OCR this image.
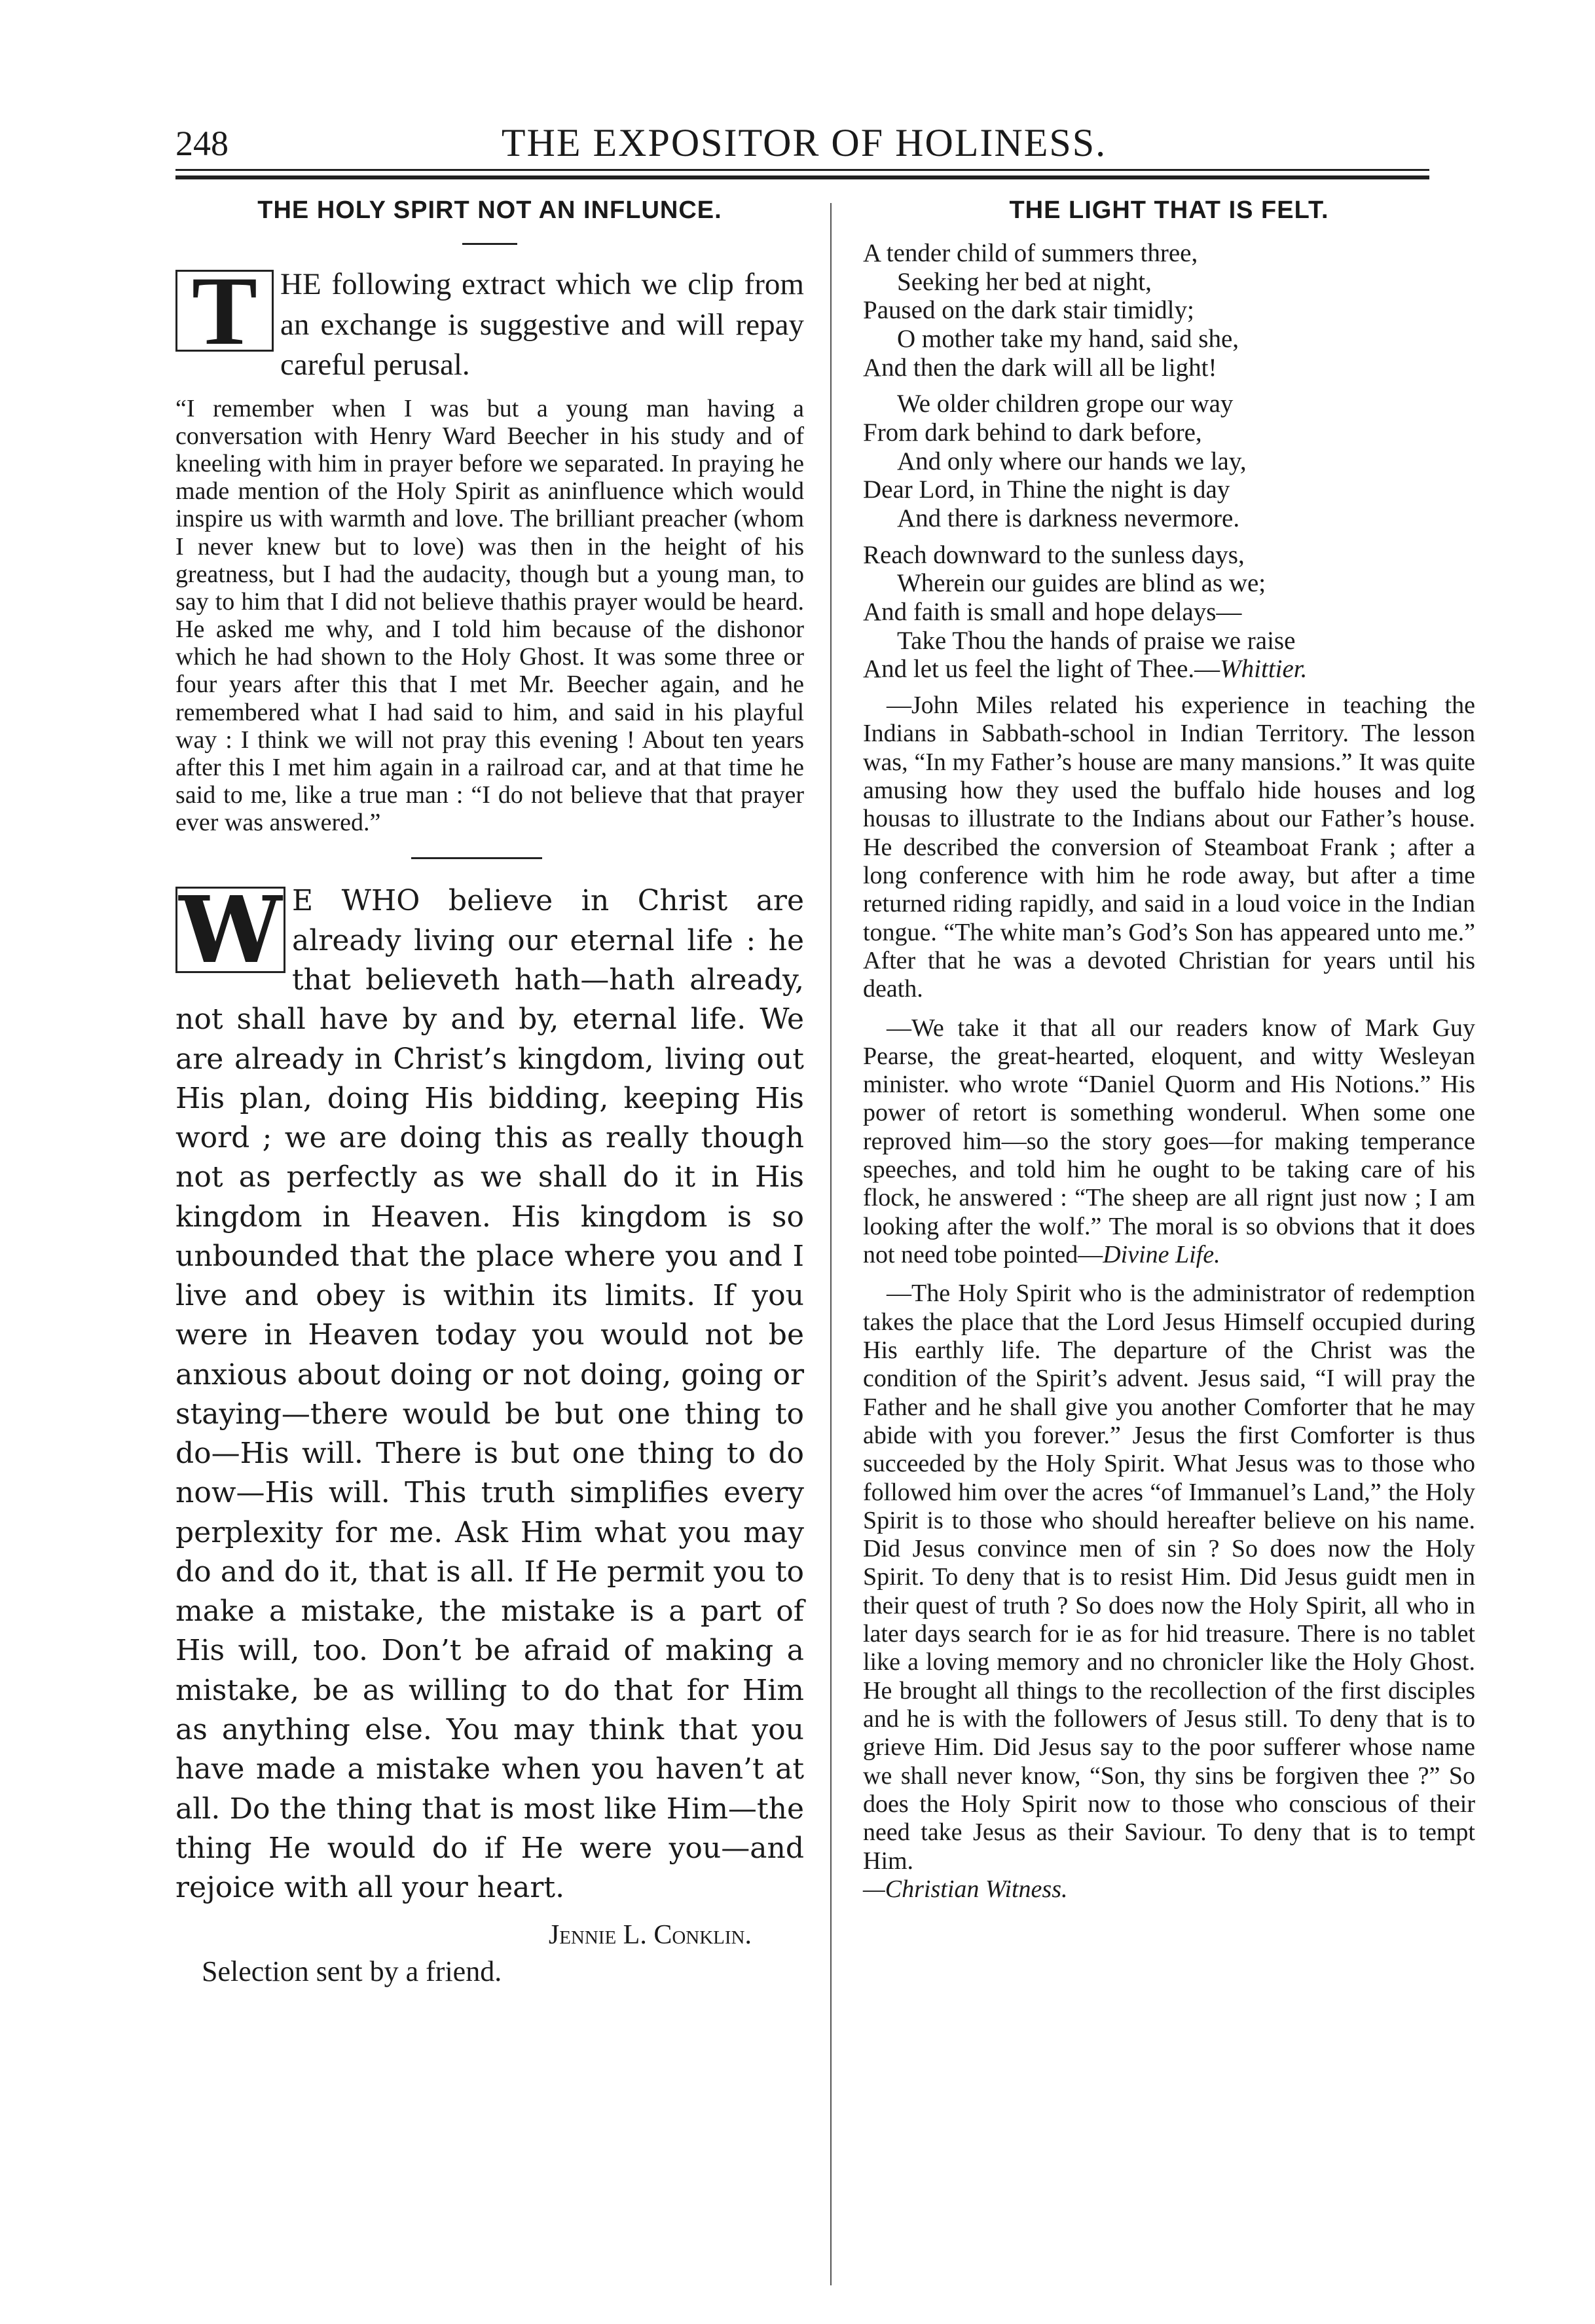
248	THE EXPOSITOR OF HOLINESS.
THE HOLY SPIRT NOT AN INFLUNCE.

T HE following extract which we clip from an exchange is suggestive and will repay careful perusal.

“I remember when I was but a young man having a conversation with Henry Ward Beecher in his study and of kneeling with him in prayer before we separated. In praying he made mention of the Holy Spirit as aninfluence which would inspire us with warmth and love. The brilliant preacher (whom I never knew but to love) was then in the height of his greatness, but I had the audacity, though but a young man, to say to him that I did not believe thathis prayer would be heard. He asked me why, and I told him because of the dishonor which he had shown to the Holy Ghost. It was some three or four years after this that I met Mr. Beecher again, and he remembered what I had said to him, and said in his playful way : I think we will not pray this evening ! About ten years after this I met him again in a railroad car, and at that time he said to me, like a true man : “I do not believe that that prayer ever was answered.”

W E WHO believe in Christ are already living our eternal life : he that believeth hath—hath already, not shall have by and by, eternal life. We are already in Christ’s kingdom, living out His plan, doing His bidding, keeping His word ; we are doing this as really though not as perfectly as we shall do it in His kingdom in Heaven. His kingdom is so unbounded that the place where you and I live and obey is within its limits. If you were in Heaven today you would not be anxious about doing or not doing, going or staying—there would be but one thing to do—His will. There is but one thing to do now—His will. This truth simplifies every perplexity for me. Ask Him what you may do and do it, that is all. If He permit you to make a mistake, the mistake is a part of His will, too. Don’t be afraid of making a mistake, be as willing to do that for Him as anything else. You may think that you have made a mistake when you haven’t at all. Do the thing that is most like Him—the thing He would do if He were you—and rejoice with all your heart.

Jennie L. Conklin.

Selection sent by a friend.

THE LIGHT THAT IS FELT.
A tender child of summers three,
Seeking her bed at night,
Paused on the dark stair timidly;
O mother take my hand, said she,
And then the dark will all be light!
We older children grope our way
From dark behind to dark before,
And only where our hands we lay,
Dear Lord, in Thine the night is day
And there is darkness nevermore.
Reach downward to the sunless days,
Wherein our guides are blind as we;
And faith is small and hope delays—
Take Thou the hands of praise we raise
And let us feel the light of Thee.—Whittier.

—John Miles related his experience in teaching the Indians in Sabbath-school in Indian Territory. The lesson was, “In my Father’s house are many mansions.” It was quite amusing how they used the buffalo hide houses and log housas to illustrate to the Indians about our Father’s house. He described the conversion of Steamboat Frank ; after a long conference with him he rode away, but after a time returned riding rapidly, and said in a loud voice in the Indian tongue. “The white man’s God’s Son has appeared unto me.” After that he was a devoted Christian for years until his death.

—We take it that all our readers know of Mark Guy Pearse, the great-hearted, eloquent, and witty Wesleyan minister. who wrote “Daniel Quorm and His Notions.” His power of retort is something wonderul. When some one reproved him—so the story goes—for making temperance speeches, and told him he ought to be taking care of his flock, he answered : “The sheep are all rignt just now ; I am looking after the wolf.” The moral is so obvions that it does not need tobe pointed—Divine Life.

—The Holy Spirit who is the administrator of redemption takes the place that the Lord Jesus Himself occupied during His earthly life. The departure of the Christ was the condition of the Spirit’s advent. Jesus said, “I will pray the Father and he shall give you another Comforter that he may abide with you forever.” Jesus the first Comforter is thus succeeded by the Holy Spirit. What Jesus was to those who followed him over the acres “of Immanuel’s Land,” the Holy Spirit is to those who should hereafter believe on his name. Did Jesus convince men of sin ? So does now the Holy Spirit. To deny that is to resist Him. Did Jesus guidt men in their quest of truth ? So does now the Holy Spirit, all who in later days search for ie as for hid treasure. There is no tablet like a loving memory and no chronicler like the Holy Ghost. He brought all things to the recollection of the first disciples and he is with the followers of Jesus still. To deny that is to grieve Him. Did Jesus say to the poor sufferer whose name we shall never know, “Son, thy sins be forgiven thee ?” So does the Holy Spirit now to those who conscious of their need take Jesus as their Saviour. To deny that is to tempt Him.
—Christian Witness.
